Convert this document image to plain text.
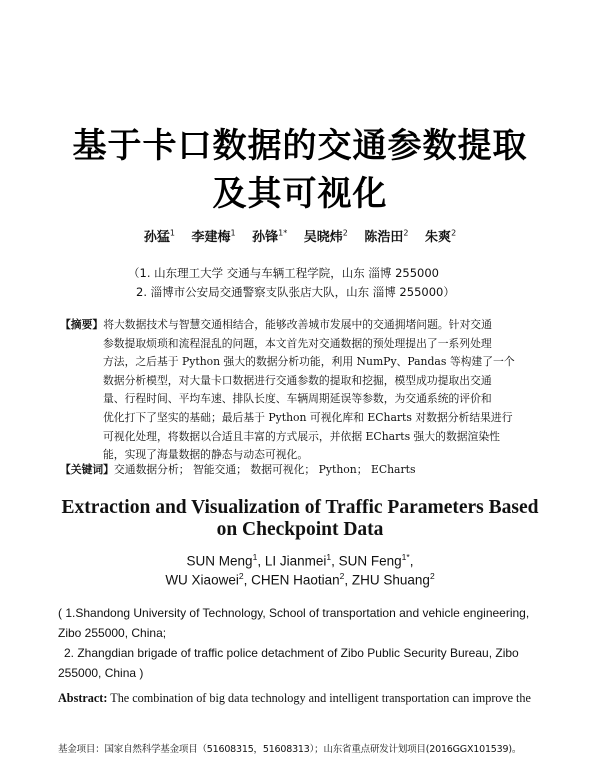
基于卡口数据的交通参数提取
及其可视化
孙猛$^1$ 李建梅$^1$ 孙锋$^{1*}$ 吴晓炜$^2$ 陈浩田$^2$ 朱爽$^2$
（1. 山东理工大学 交通与车辆工程学院，山东 淄博 255000
2. 淄博市公安局交通警察支队张店大队，山东 淄博 255000）
【摘要】将大数据技术与智慧交通相结合，能够改善城市发展中的交通拥堵问题。针对交通
参数提取烦琐和流程混乱的问题，本文首先对交通数据的预处理提出了一系列处理
方法，之后基于 Python 强大的数据分析功能，利用 NumPy、Pandas 等构建了一个
数据分析模型，对大量卡口数据进行交通参数的提取和挖掘，模型成功提取出交通
量、行程时间、平均车速、排队长度、车辆周期延误等参数，为交通系统的评价和
优化打下了坚实的基础；最后基于 Python 可视化库和 ECharts 对数据分析结果进行
可视化处理，将数据以合适且丰富的方式展示，并依据 ECharts 强大的数据渲染性
能，实现了海量数据的静态与动态可视化。
【关键词】交通数据分析； 智能交通； 数据可视化； Python； ECharts
Extraction and Visualization of Traffic Parameters Based
on Checkpoint Data
SUN Meng$^1$, LI Jianmei$^1$, SUN Feng$^{1*}$,
WU Xiaowei$^2$, CHEN Haotian$^2$, ZHU Shuang$^2$
( 1.Shandong University of Technology, School of transportation and vehicle engineering,
Zibo 255000, China;
2. Zhangdian brigade of traffic police detachment of Zibo Public Security Bureau, Zibo
255000, China )
Abstract: The combination of big data technology and intelligent transportation can improve the
基金项目：国家自然科学基金项目（51608315，51608313）；山东省重点研发计划项目(2016GGX101539)。
